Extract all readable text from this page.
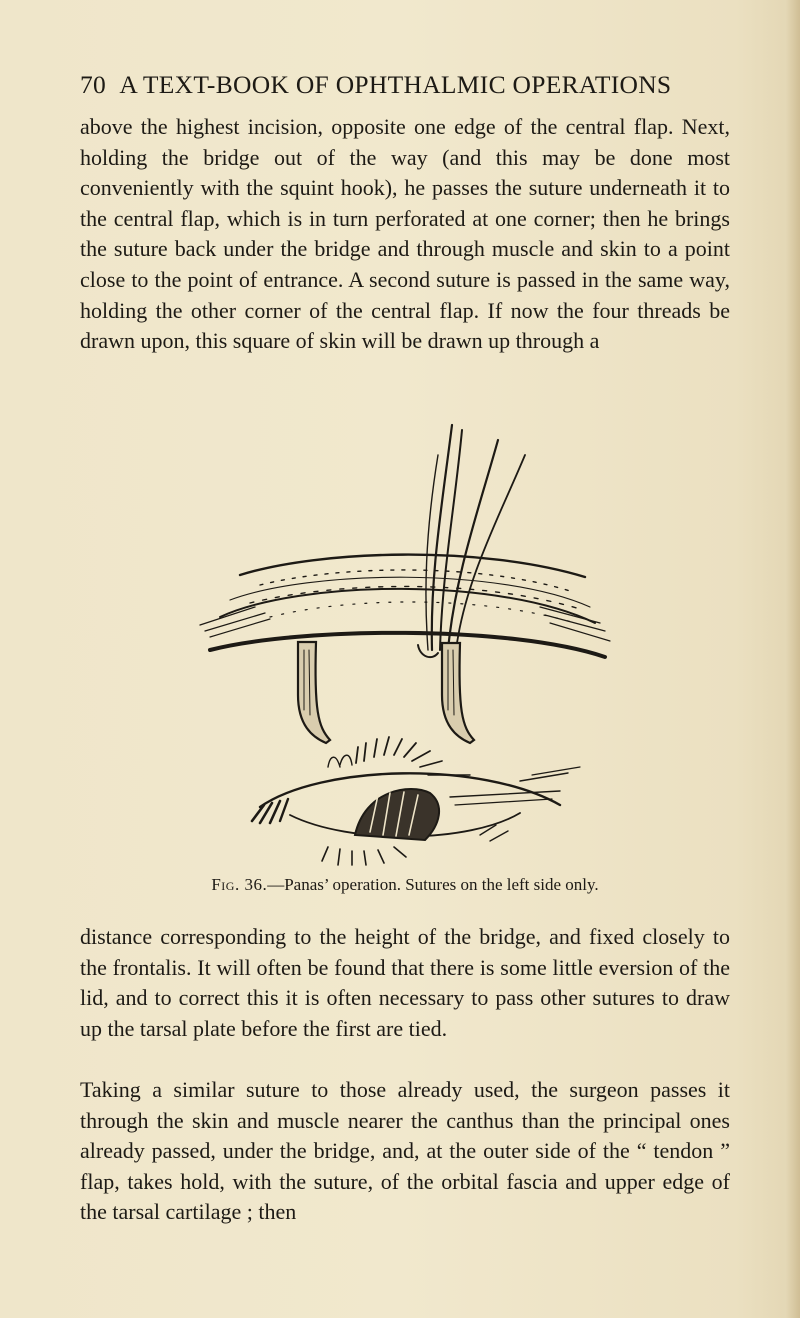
70 A TEXT-BOOK OF OPHTHALMIC OPERATIONS

above the highest incision, opposite one edge of the central flap. Next, holding the bridge out of the way (and this may be done most conveniently with the squint hook), he passes the suture underneath it to the central flap, which is in turn perforated at one corner; then he brings the suture back under the bridge and through muscle and skin to a point close to the point of entrance. A second suture is passed in the same way, holding the other corner of the central flap. If now the four threads be drawn upon, this square of skin will be drawn up through a

Fig. 36.—Panas’ operation. Sutures on the left side only.

distance corresponding to the height of the bridge, and fixed closely to the frontalis. It will often be found that there is some little eversion of the lid, and to correct this it is often necessary to pass other sutures to draw up the tarsal plate before the first are tied.

Taking a similar suture to those already used, the surgeon passes it through the skin and muscle nearer the canthus than the principal ones already passed, under the bridge, and, at the outer side of the “ tendon ” flap, takes hold, with the suture, of the orbital fascia and upper edge of the tarsal cartilage ; then
